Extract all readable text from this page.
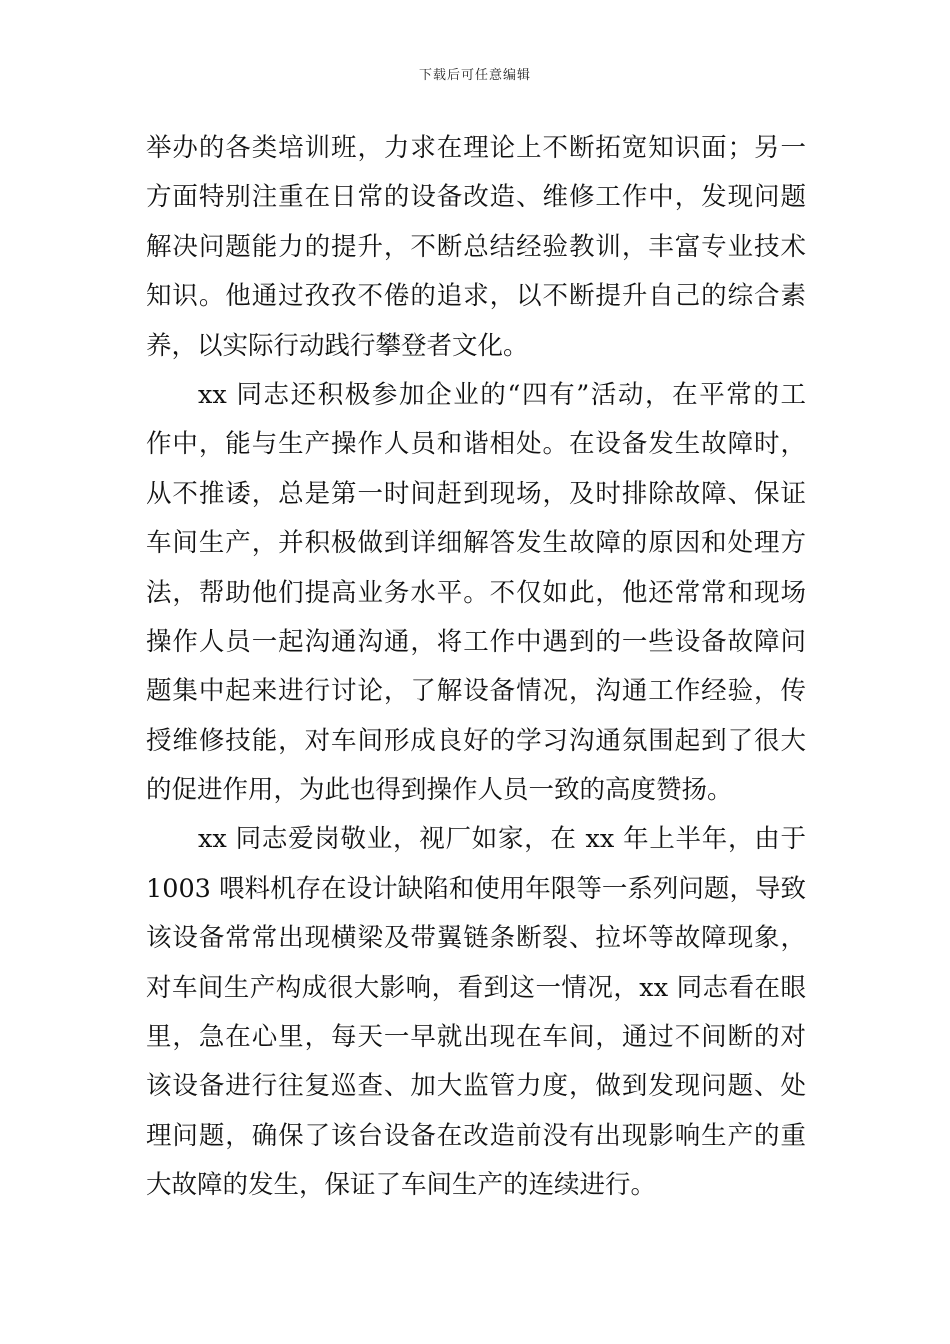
下载后可任意编辑
举办的各类培训班，力求在理论上不断拓宽知识面；另一
方面特别注重在日常的设备改造、维修工作中，发现问题
解决问题能力的提升，不断总结经验教训，丰富专业技术
知识。他通过孜孜不倦的追求，以不断提升自己的综合素
养，以实际行动践行攀登者文化。
xx 同志还积极参加企业的“四有”活动，在平常的工
作中，能与生产操作人员和谐相处。在设备发生故障时，
从不推诿，总是第一时间赶到现场，及时排除故障、保证
车间生产，并积极做到详细解答发生故障的原因和处理方
法，帮助他们提高业务水平。不仅如此，他还常常和现场
操作人员一起沟通沟通，将工作中遇到的一些设备故障问
题集中起来进行讨论，了解设备情况，沟通工作经验，传
授维修技能，对车间形成良好的学习沟通氛围起到了很大
的促进作用，为此也得到操作人员一致的高度赞扬。
xx 同志爱岗敬业，视厂如家，在 xx 年上半年，由于
1003 喂料机存在设计缺陷和使用年限等一系列问题，导致
该设备常常出现横梁及带翼链条断裂、拉坏等故障现象，
对车间生产构成很大影响，看到这一情况，xx 同志看在眼
里，急在心里，每天一早就出现在车间，通过不间断的对
该设备进行往复巡查、加大监管力度，做到发现问题、处
理问题，确保了该台设备在改造前没有出现影响生产的重
大故障的发生，保证了车间生产的连续进行。
